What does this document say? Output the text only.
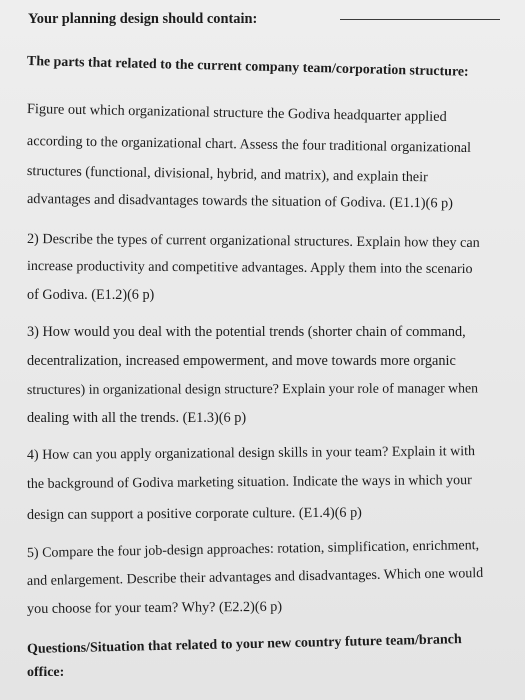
Your planning design should contain:

The parts that related to the current company team/corporation structure:

Figure out which organizational structure the Godiva headquarter applied

according to the organizational chart. Assess the four traditional organizational

structures (functional, divisional, hybrid, and matrix), and explain their

advantages and disadvantages towards the situation of Godiva. (E1.1)(6 p)

2) Describe the types of current organizational structures. Explain how they can

increase productivity and competitive advantages. Apply them into the scenario

of Godiva. (E1.2)(6 p)

3) How would you deal with the potential trends (shorter chain of command,

decentralization, increased empowerment, and move towards more organic

structures) in organizational design structure? Explain your role of manager when

dealing with all the trends. (E1.3)(6 p)

4) How can you apply organizational design skills in your team? Explain it with

the background of Godiva marketing situation. Indicate the ways in which your

design can support a positive corporate culture. (E1.4)(6 p)

5) Compare the four job-design approaches: rotation, simplification, enrichment,

and enlargement. Describe their advantages and disadvantages. Which one would

you choose for your team? Why? (E2.2)(6 p)

Questions/Situation that related to your new country future team/branch

office:
